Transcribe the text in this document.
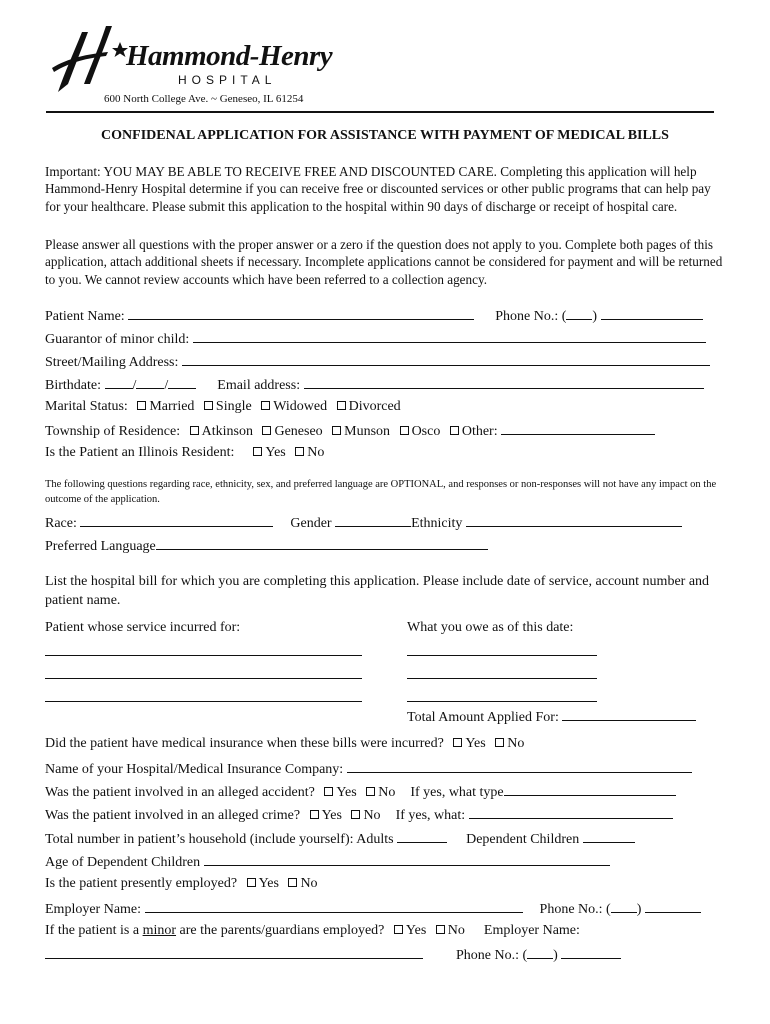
Hammond-Henry
HOSPITAL
600 North College Ave. ~ Geneseo, IL 61254
CONFIDENAL APPLICATION FOR ASSISTANCE WITH PAYMENT OF MEDICAL BILLS
Important: YOU MAY BE ABLE TO RECEIVE FREE AND DISCOUNTED CARE. Completing this application will help Hammond-Henry Hospital determine if you can receive free or discounted services or other public programs that can help pay for your healthcare. Please submit this application to the hospital within 90 days of discharge or receipt of hospital care.
Please answer all questions with the proper answer or a zero if the question does not apply to you. Complete both pages of this application, attach additional sheets if necessary. Incomplete applications cannot be considered for payment and will be returned to you. We cannot review accounts which have been referred to a collection agency.
Patient Name:	Phone No.: ( )
Guarantor of minor child:
Street/Mailing Address:
Birthdate: / /	Email address:
Marital Status: Married Single Widowed Divorced
Township of Residence: Atkinson Geneseo Munson Osco Other:
Is the Patient an Illinois Resident: Yes No
The following questions regarding race, ethnicity, sex, and preferred language are OPTIONAL, and responses or non-responses will not have any impact on the outcome of the application.
Race:	Gender	Ethnicity
Preferred Language
List the hospital bill for which you are completing this application. Please include date of service, account number and patient name.
Patient whose service incurred for:	What you owe as of this date:
Total Amount Applied For:
Did the patient have medical insurance when these bills were incurred? Yes No
Name of your Hospital/Medical Insurance Company:
Was the patient involved in an alleged accident? Yes No If yes, what type
Was the patient involved in an alleged crime? Yes No If yes, what:
Total number in patient’s household (include yourself): Adults	Dependent Children
Age of Dependent Children
Is the patient presently employed? Yes No
Employer Name:	Phone No.: ( )
If the patient is a minor are the parents/guardians employed? Yes No Employer Name:
Phone No.: ( )
